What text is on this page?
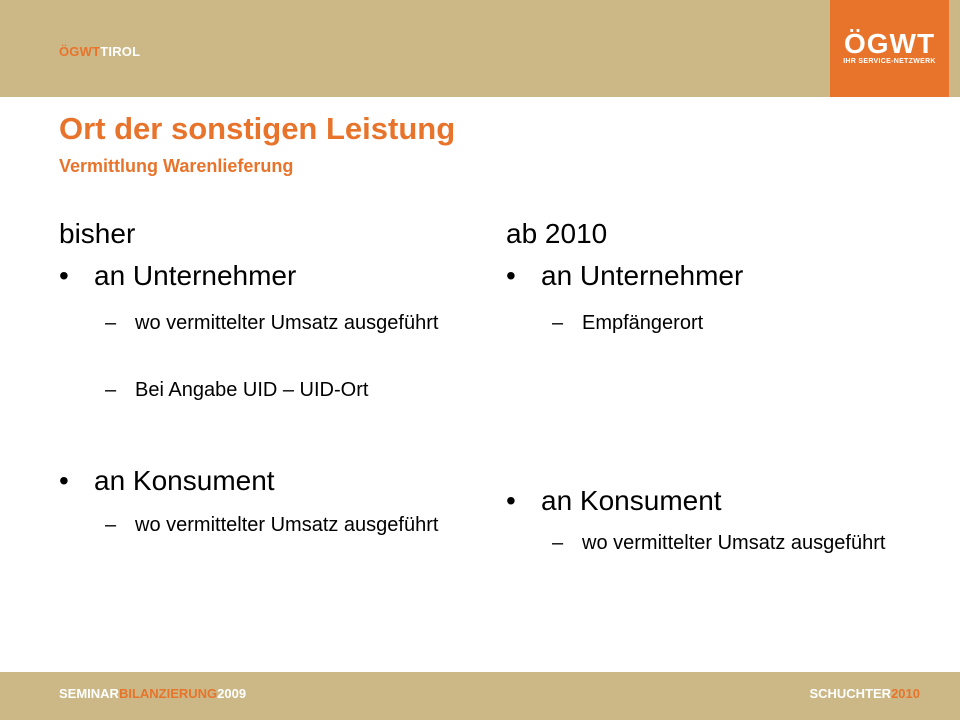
ÖGWTTIROL	ÖGWT
IHR SERVICE-NETZWERK
Ort der sonstigen Leistung
Vermittlung Warenlieferung
bisher
• an Unternehmer
– wo vermittelter Umsatz ausgeführt
– Bei Angabe UID – UID-Ort
• an Konsument
– wo vermittelter Umsatz ausgeführt
ab 2010
• an Unternehmer
– Empfängerort
• an Konsument
– wo vermittelter Umsatz ausgeführt
SEMINARBILANZIERUNG2009	SCHUCHTER2010
